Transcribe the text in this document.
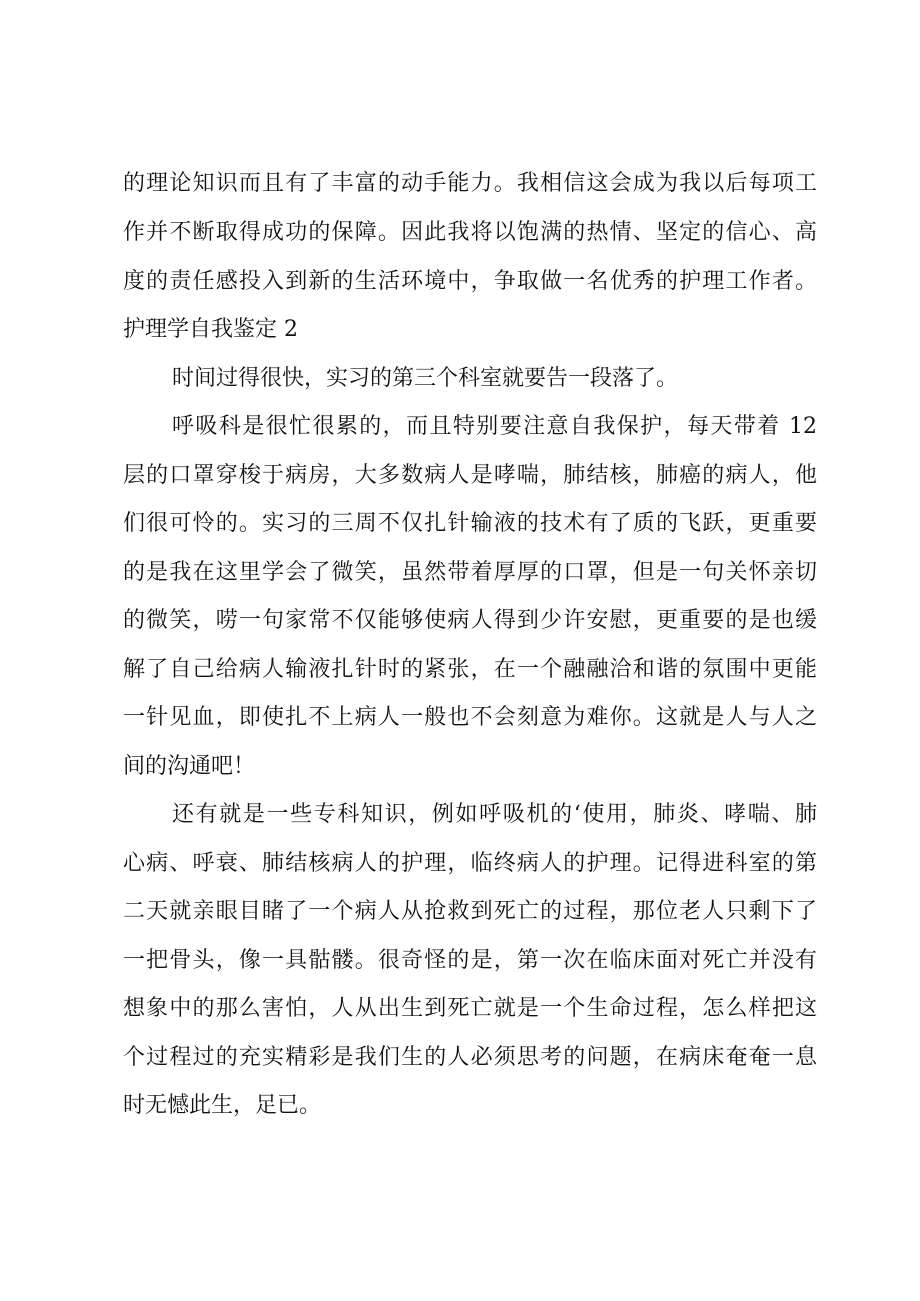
的理论知识而且有了丰富的动手能力。我相信这会成为我以后每项工
作并不断取得成功的保障。因此我将以饱满的热情、坚定的信心、高
度的责任感投入到新的生活环境中，争取做一名优秀的护理工作者。
护理学自我鉴定 2
时间过得很快，实习的第三个科室就要告一段落了。
呼吸科是很忙很累的，而且特别要注意自我保护，每天带着 12
层的口罩穿梭于病房，大多数病人是哮喘，肺结核，肺癌的病人，他
们很可怜的。实习的三周不仅扎针输液的技术有了质的飞跃，更重要
的是我在这里学会了微笑，虽然带着厚厚的口罩，但是一句关怀亲切
的微笑，唠一句家常不仅能够使病人得到少许安慰，更重要的是也缓
解了自己给病人输液扎针时的紧张，在一个融融洽和谐的氛围中更能
一针见血，即使扎不上病人一般也不会刻意为难你。这就是人与人之
间的沟通吧！
还有就是一些专科知识，例如呼吸机的‘使用，肺炎、哮喘、肺
心病、呼衰、肺结核病人的护理，临终病人的护理。记得进科室的第
二天就亲眼目睹了一个病人从抢救到死亡的过程，那位老人只剩下了
一把骨头，像一具骷髅。很奇怪的是，第一次在临床面对死亡并没有
想象中的那么害怕，人从出生到死亡就是一个生命过程，怎么样把这
个过程过的充实精彩是我们生的人必须思考的问题，在病床奄奄一息
时无憾此生，足已。
